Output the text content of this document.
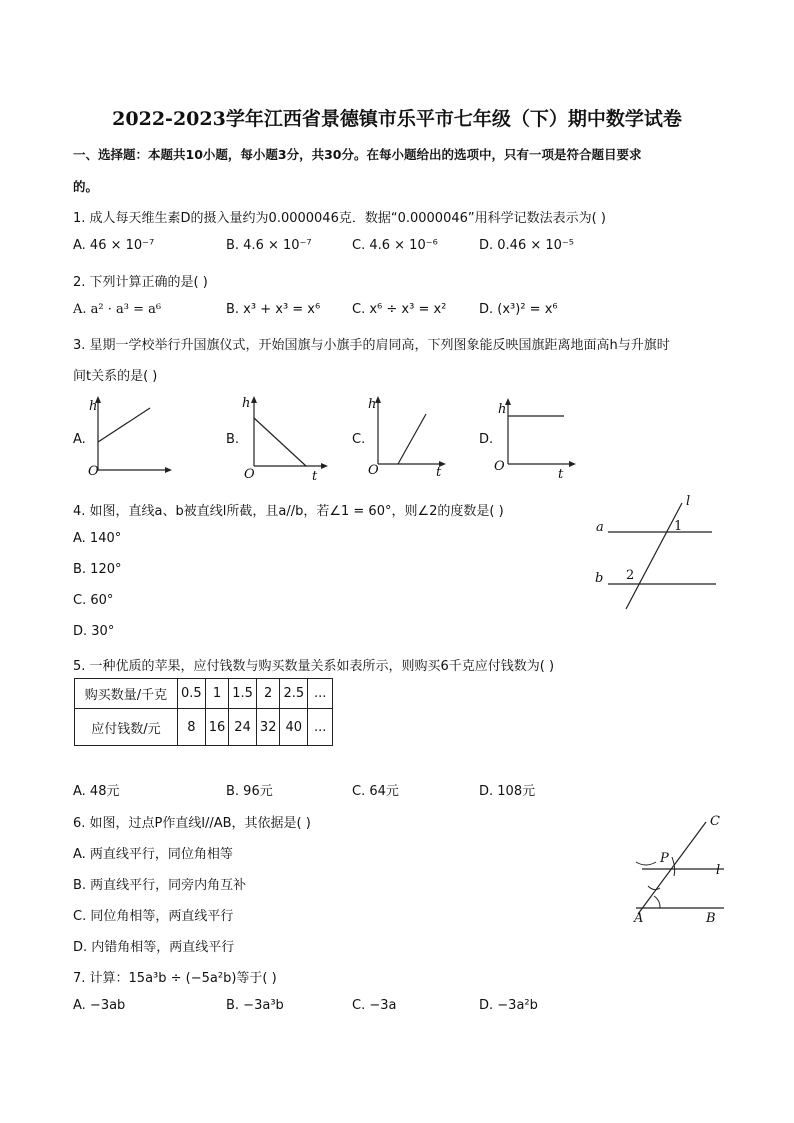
2022-2023学年江西省景德镇市乐平市七年级（下）期中数学试卷
一、选择题：本题共10小题，每小题3分，共30分。在每小题给出的选项中，只有一项是符合题目要求
的。
1. 成人每天维生素D的摄入量约为0.0000046克．数据“0.0000046”用科学记数法表示为( )
A. 46 × 10⁻⁷	B. 4.6 × 10⁻⁷	C. 4.6 × 10⁻⁶	D. 0.46 × 10⁻⁵
2. 下列计算正确的是( )
A. a² · a³ = a⁶	B. x³ + x³ = x⁶ C. x⁶ ÷ x³ = x²	D. (x³)² = x⁶
3. 星期一学校举行升国旗仪式，开始国旗与小旗手的肩同高，下列图象能反映国旗距离地面高h与升旗时
间t关系的是( )
A.	B.	C.	D.
h
O
h
O	t
h
O	t
h
O
t
4. 如图，直线a、b被直线l所截，且a//b，若∠1 = 60°，则∠2的度数是( )
A. 140°
B. 120°
C. 60°
D. 30°
l
a
b
1
2
5. 一种优质的苹果，应付钱数与购买数量关系如表所示，则购买6千克应付钱数为( )
购买数量/千克	0.5	1	1.5	2	2.5	...
应付钱数/元	8	16	24	32	40	...
A. 48元	B. 96元	C. 64元	D. 108元
6. 如图，过点P作直线l//AB，其依据是( )
A. 两直线平行，同位角相等
B. 两直线平行，同旁内角互补
C. 同位角相等，两直线平行
D. 内错角相等，两直线平行
C
P
l
A	B
7. 计算：15a³b ÷ (−5a²b)等于( )
A. −3ab	B. −3a³b	C. −3a	D. −3a²b
